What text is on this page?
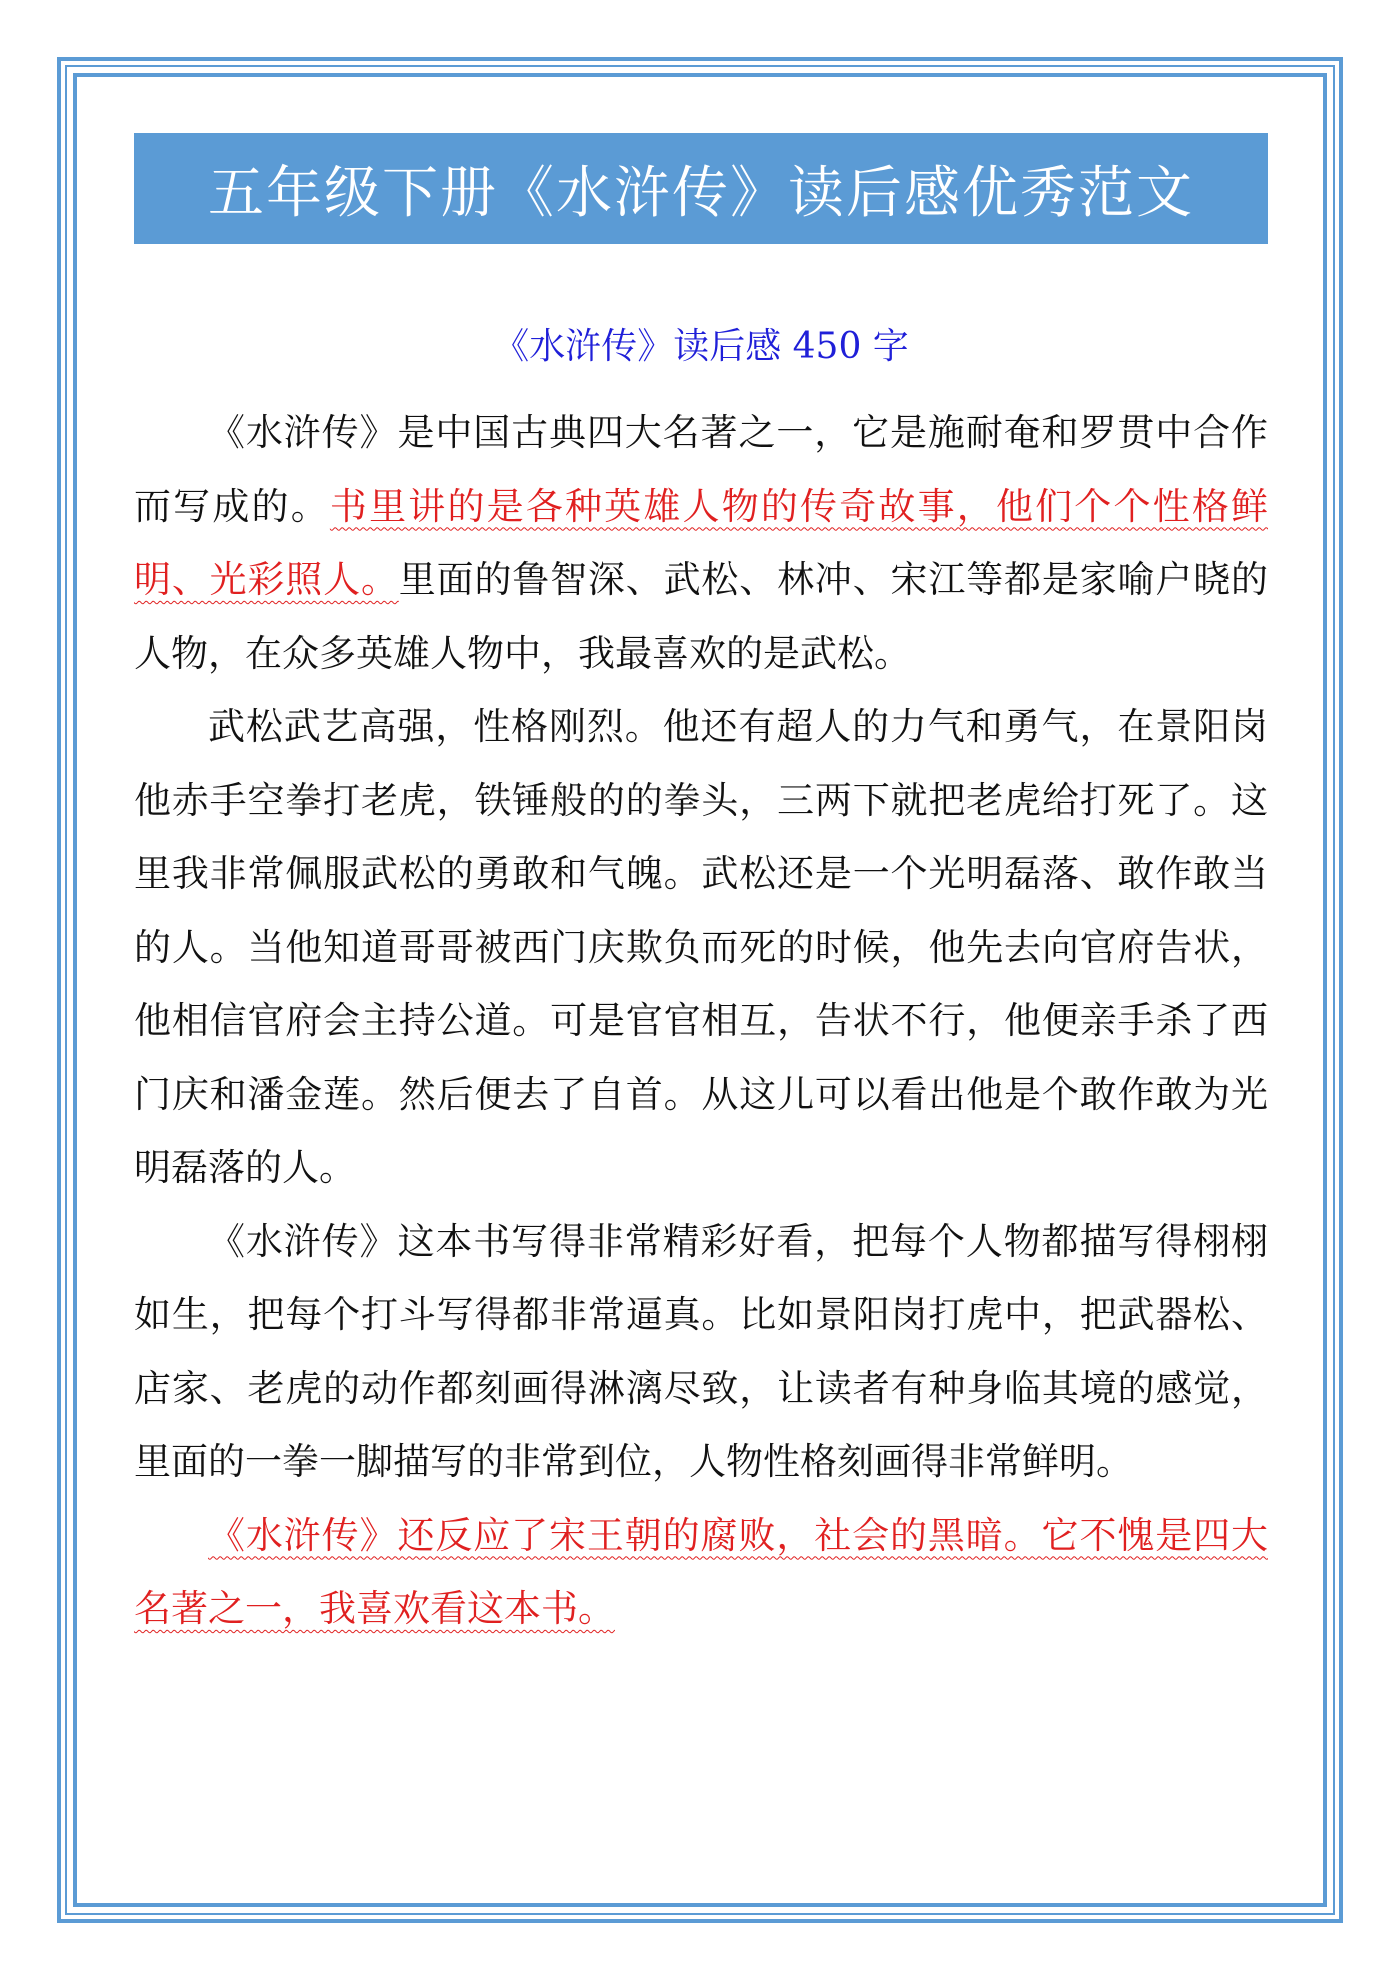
五年级下册《水浒传》读后感优秀范文
《水浒传》读后感 450 字

《水浒传》是中国古典四大名著之一，它是施耐奄和罗贯中合作而写成的。书里讲的是各种英雄人物的传奇故事，他们个个性格鲜明、光彩照人。里面的鲁智深、武松、林冲、宋江等都是家喻户晓的人物，在众多英雄人物中，我最喜欢的是武松。

武松武艺高强，性格刚烈。他还有超人的力气和勇气，在景阳岗他赤手空拳打老虎，铁锤般的的拳头，三两下就把老虎给打死了。这里我非常佩服武松的勇敢和气魄。武松还是一个光明磊落、敢作敢当的人。当他知道哥哥被西门庆欺负而死的时候，他先去向官府告状，他相信官府会主持公道。可是官官相互，告状不行，他便亲手杀了西门庆和潘金莲。然后便去了自首。从这儿可以看出他是个敢作敢为光明磊落的人。

《水浒传》这本书写得非常精彩好看，把每个人物都描写得栩栩如生，把每个打斗写得都非常逼真。比如景阳岗打虎中，把武器松、店家、老虎的动作都刻画得淋漓尽致，让读者有种身临其境的感觉，里面的一拳一脚描写的非常到位，人物性格刻画得非常鲜明。

《水浒传》还反应了宋王朝的腐败，社会的黑暗。它不愧是四大名著之一，我喜欢看这本书。
